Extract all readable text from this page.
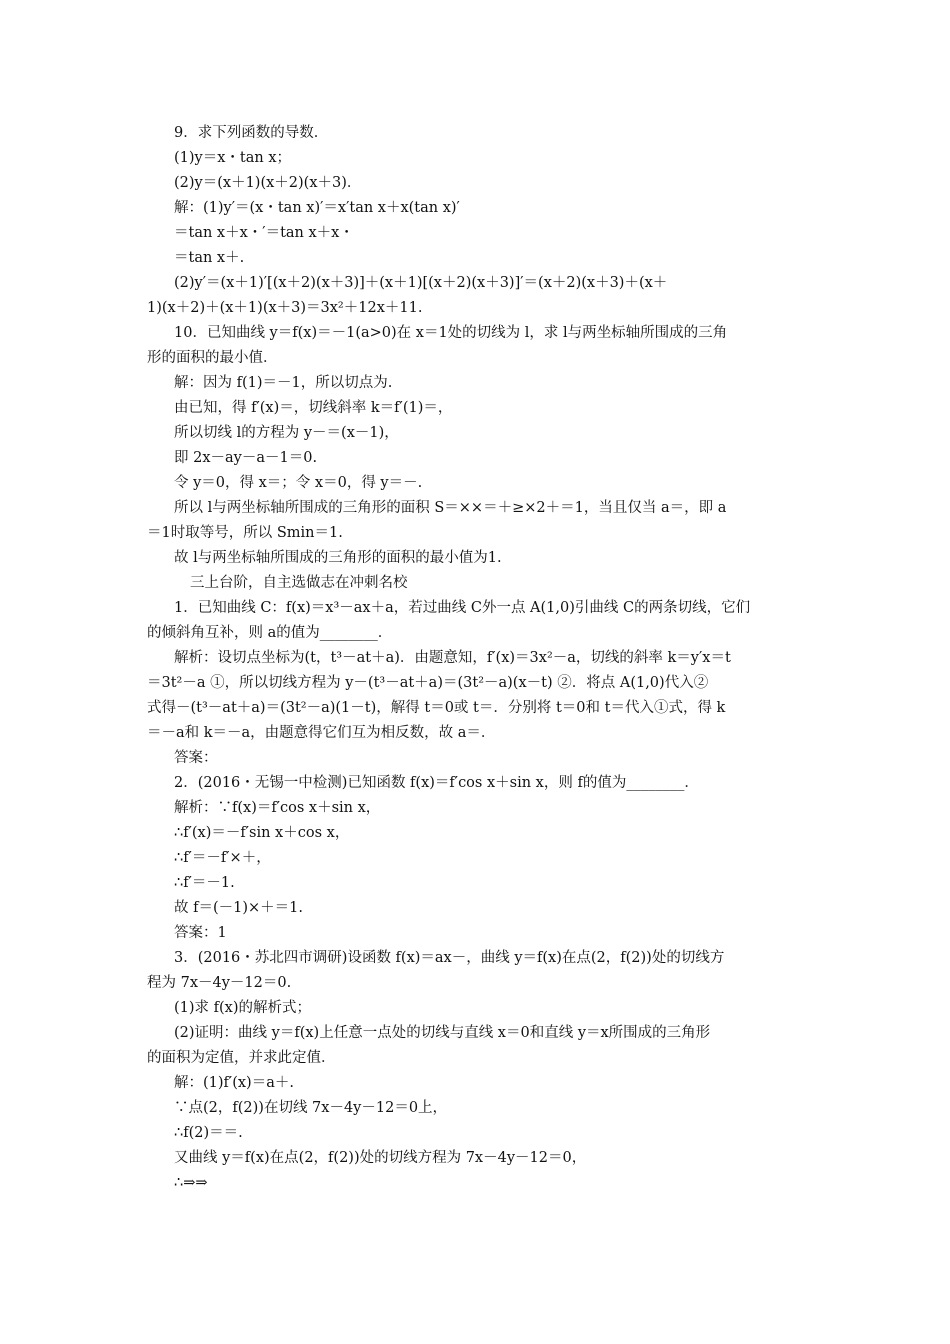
9．求下列函数的导数．
(1)y＝x・tan x；
(2)y＝(x＋1)(x＋2)(x＋3)．
解：(1)y′＝(x・tan x)′＝x′tan x＋x(tan x)′
＝tan x＋x・′＝tan x＋x・
＝tan x＋.
(2)y′＝(x＋1)′[(x＋2)(x＋3)]＋(x＋1)[(x＋2)(x＋3)]′＝(x＋2)(x＋3)＋(x＋
1)(x＋2)＋(x＋1)(x＋3)＝3x²＋12x＋11.
10．已知曲线 y＝f(x)＝－1(a>0)在 x＝1处的切线为 l，求 l与两坐标轴所围成的三角
形的面积的最小值．
解：因为 f(1)＝－1，所以切点为.
由已知，得 f′(x)＝，切线斜率 k＝f′(1)＝，
所以切线 l的方程为 y－＝(x－1)，
即 2x－ay－a－1＝0.
令 y＝0，得 x＝；令 x＝0，得 y＝－.
所以 l与两坐标轴所围成的三角形的面积 S＝××＝＋≥×2＋＝1，当且仅当 a＝，即 a
＝1时取等号，所以 Smin＝1.
故 l与两坐标轴所围成的三角形的面积的最小值为1.
三上台阶，自主选做志在冲刺名校
1．已知曲线 C：f(x)＝x³－ax＋a，若过曲线 C外一点 A(1,0)引曲线 C的两条切线，它们
的倾斜角互补，则 a的值为________．
解析：设切点坐标为(t，t³－at＋a)．由题意知，f′(x)＝3x²－a，切线的斜率 k＝y′x＝t
＝3t²－a ①，所以切线方程为 y－(t³－at＋a)＝(3t²－a)(x－t) ②．将点 A(1,0)代入②
式得－(t³－at＋a)＝(3t²－a)(1－t)，解得 t＝0或 t＝．分别将 t＝0和 t＝代入①式，得 k
＝－a和 k＝－a，由题意得它们互为相反数，故 a＝．
答案：
2．(2016・无锡一中检测)已知函数 f(x)＝f′cos x＋sin x，则 f的值为________．
解析：∵f(x)＝f′cos x＋sin x，
∴f′(x)＝－f′sin x＋cos x，
∴f′＝－f′×＋，
∴f′＝－1.
故 f＝(－1)×＋＝1.
答案：1
3．(2016・苏北四市调研)设函数 f(x)＝ax－，曲线 y＝f(x)在点(2，f(2))处的切线方
程为 7x－4y－12＝0.
(1)求 f(x)的解析式；
(2)证明：曲线 y＝f(x)上任意一点处的切线与直线 x＝0和直线 y＝x所围成的三角形
的面积为定值，并求此定值．
解：(1)f′(x)＝a＋.
∵点(2，f(2))在切线 7x－4y－12＝0上，
∴f(2)＝＝.
又曲线 y＝f(x)在点(2，f(2))处的切线方程为 7x－4y－12＝0，
∴⇒⇒
